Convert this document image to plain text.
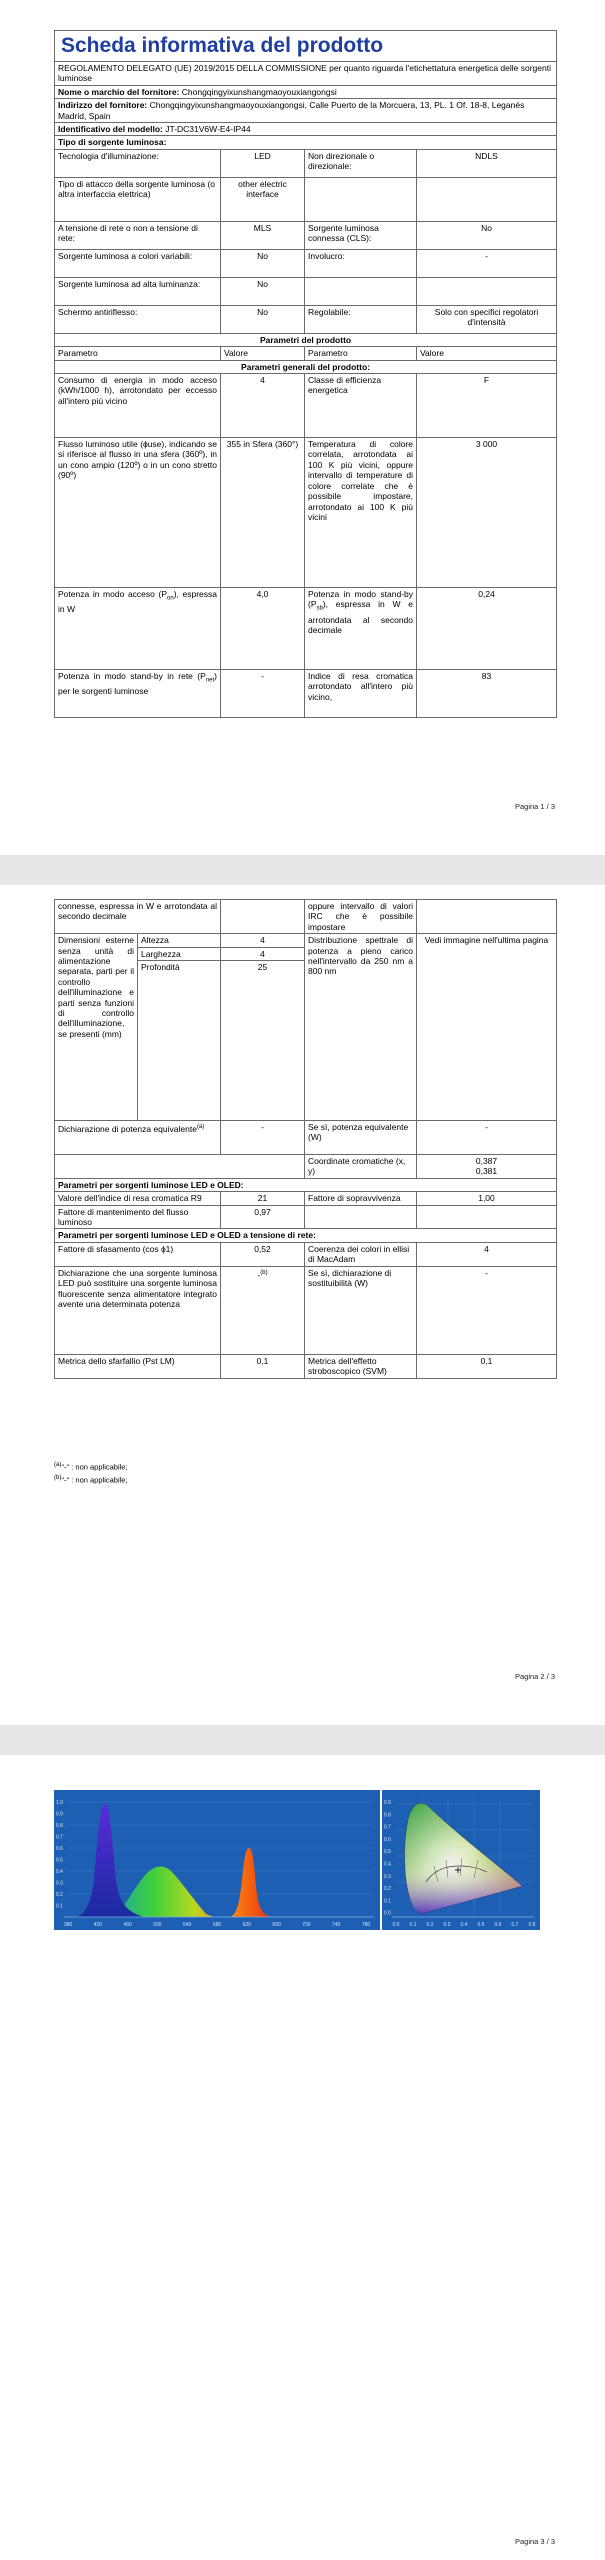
Scheda informativa del prodotto			

REGOLAMENTO DELEGATO (UE) 2019/2015 DELLA COMMISSIONE per quanto riguarda l'etichettatura energetica delle sorgenti luminose			
Nome o marchio del fornitore: Chongqingyixunshangmaoyouxiangongsi			
Indirizzo del fornitore: Chongqingyixunshangmaoyouxiangongsi, Calle Puerto de la Morcuera, 13, PL. 1 Of. 18-8, Leganés Madrid, Spain			
Identificativo del modello: JT-DC31V6W-E4-IP44			
Tipo di sorgente luminosa:			
Tecnologia d'illuminazione:	LED	Non direzionale o direzionale:	NDLS
Tipo di attacco della sorgente luminosa (o altra interfaccia elettrica)	other electric interface		
A tensione di rete o non a tensione di rete:	MLS	Sorgente luminosa connessa (CLS):	No
Sorgente luminosa a colori variabili:	No	Involucro:	-
Sorgente luminosa ad alta luminanza:	No		
Schermo antiriflesso:	No	Regolabile:	Solo con specifici regolatori d'intensità
Parametri del prodotto			
Parametro	Valore	Parametro	Valore
Parametri generali del prodotto:			
Consumo di energia in modo acceso (kWh/1000 h), arrotondato per eccesso all'intero più vicino	4	Classe di efficienza energetica	F
Flusso luminoso utile (ɸuse), indicando se si riferisce al flusso in una sfera (360º), in un cono ampio (120º) o in un cono stretto (90º)	355 in Sfera (360°)	Temperatura di colore correlata, arrotondata ai 100 K più vicini, oppure intervallo di temperature di colore correlate che è possibile impostare, arrotondato ai 100 K più vicini	3 000
Potenza in modo acceso $(P_{on})$, espressa in W	4,0	Potenza in modo stand-by $(P_{sb})$, espressa in W e arrotondata al secondo decimale	0,24
Potenza in modo stand-by in rete $(P_{net})$ per le sorgenti luminose	-	Indice di resa cromatica arrotondato all'intero più vicino,	83
Pagina 1 / 3
connesse, espressa in W e arrotondata al secondo decimale			oppure intervallo di valori IRC che è possibile impostare	
Dimensioni esterne senza unità di alimentazione separata, parti per il controllo dell'illuminazione e parti senza funzioni di controllo dell'illuminazione, se presenti (mm)	Altezza	4	Distribuzione spettrale di potenza a pieno carico nell'intervallo da 250 nm a 800 nm	Vedi immagine nell'ultima pagina
	Larghezza	4		
	Profondità	25		
Dichiarazione di potenza equivalente$^{(a)}$		-	Se sì, potenza equivalente (W)	-
			Coordinate cromatiche (x, y)	0,387
0,381

Parametri per sorgenti luminose LED e OLED:				
Valore dell'indice di resa cromatica R9		21	Fattore di sopravvivenza	1,00
Fattore di mantenimento del flusso luminoso		0,97		
Parametri per sorgenti luminose LED e OLED a tensione di rete:				
Fattore di sfasamento (cos ɸ1)		0,52	Coerenza dei colori in ellisi di MacAdam	4
Dichiarazione che una sorgente luminosa LED può sostituire una sorgente luminosa fluorescente senza alimentatore integrato avente una determinata potenza		-$^{(b)}$	Se sì, dichiarazione di sostituibilità (W)	-
Metrica dello sfarfallio (Pst LM)		0,1	Metrica dell'effetto stroboscopico (SVM)	0,1
$^{(a)}$"-" : non applicabile;
$^{(b)}$"-" : non applicabile;
Pagina 2 / 3
1.0
0.9
0.8
0.7
0.6
0.5
0.4
0.3
0.2
0.1
380	420	460	500	540	580	620	660	700	740	780
0.9
0.8
0.7
0.6
0.5
0.4
0.3
0.2
0.1
0.0
0.0 0.1 0.2 0.3 0.4 0.5 0.6 0.7 0.8
Pagina 3 / 3
